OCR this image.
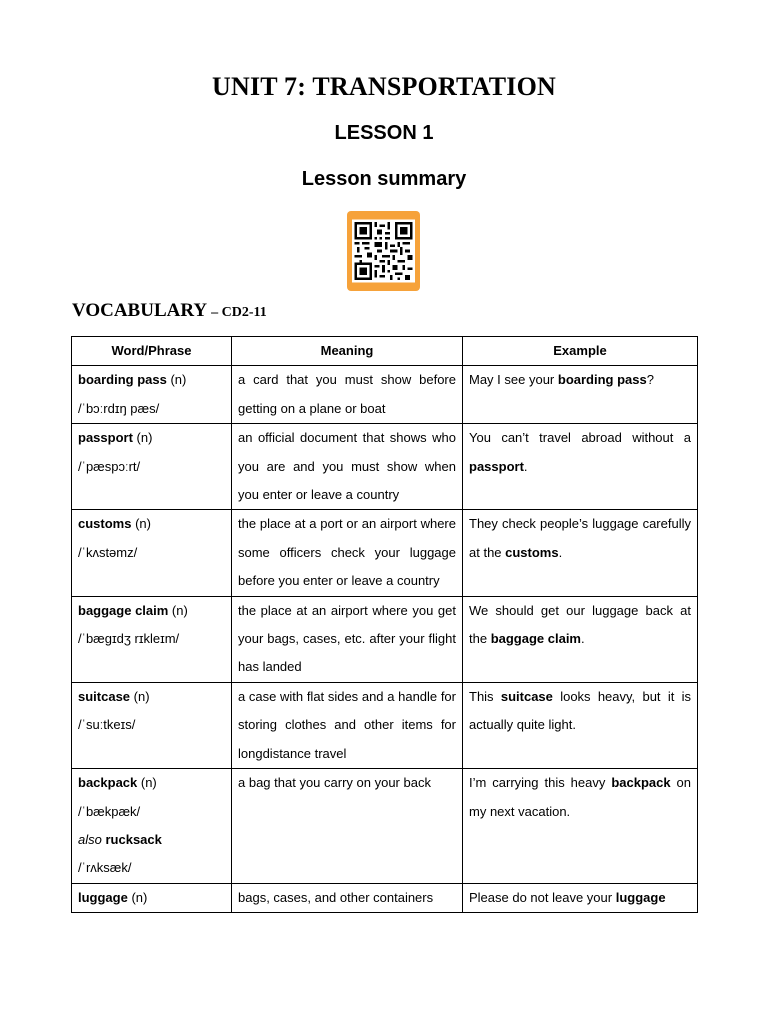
UNIT 7: TRANSPORTATION
LESSON 1
Lesson summary
VOCABULARY – CD2-11
Word/Phrase	Meaning	Example

boarding pass (n)
/ˈbɔːrdɪŋ pæs/	a card that you must show before getting on a plane or boat	May I see your boarding pass?

passport (n)
/ˈpæspɔːrt/	an official document that shows who you are and you must show when you enter or leave a country	You can’t travel abroad without a passport.

customs (n)
/ˈkʌstəmz/	the place at a port or an airport where some officers check your luggage before you enter or leave a country	They check people’s luggage carefully at the customs.

baggage claim (n)
/ˈbægɪdʒ rɪkleɪm/	the place at an airport where you get your bags, cases, etc. after your flight has landed	We should get our luggage back at the baggage claim.

suitcase (n)
/ˈsuːtkeɪs/	a case with flat sides and a handle for storing clothes and other items for longdistance travel	This suitcase looks heavy, but it is actually quite light.

backpack (n)
/ˈbækpæk/
also rucksack
/ˈrʌksæk/	a bag that you carry on your back	I’m carrying this heavy backpack on my next vacation.

luggage (n)	bags, cases, and other containers	Please do not leave your luggage
